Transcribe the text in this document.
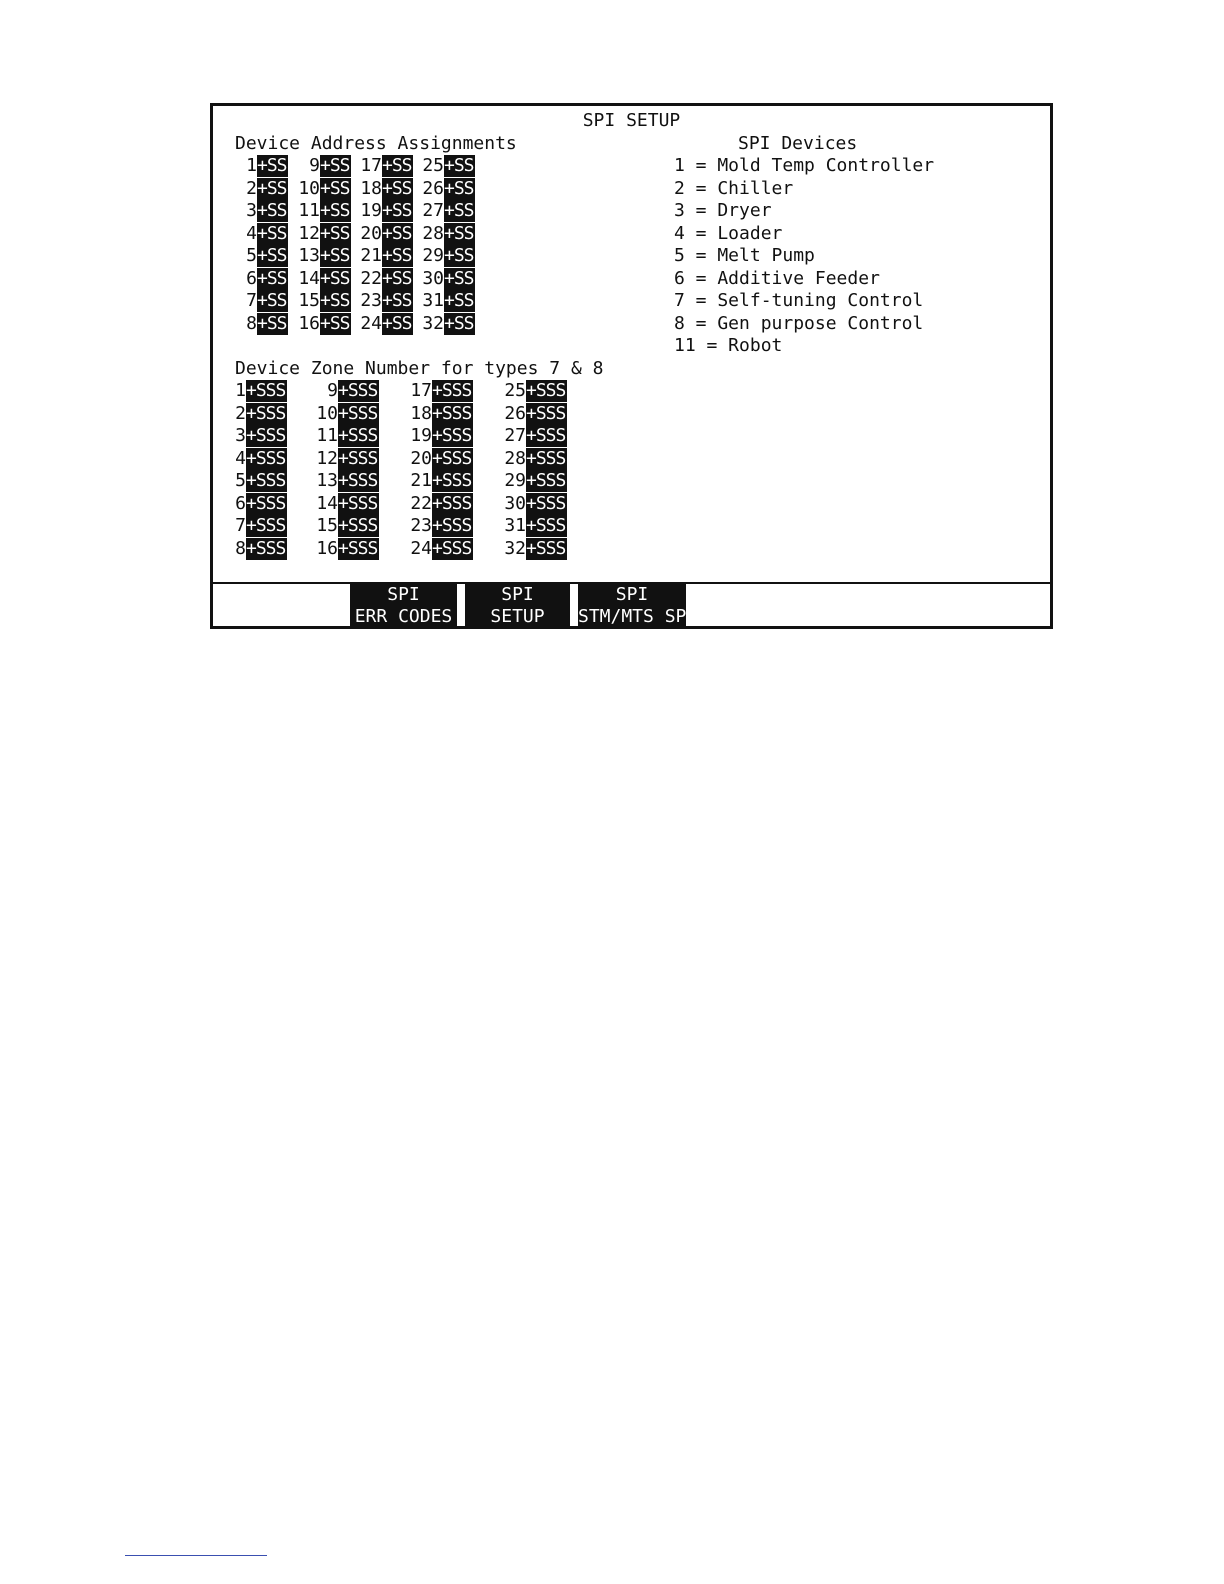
SPI SETUP
Device Address Assignments
1+SS
2+SS
3+SS
4+SS
5+SS
6+SS
7+SS
8+SS
9+SS
10+SS
11+SS
12+SS
13+SS
14+SS
15+SS
16+SS
17+SS
18+SS
19+SS
20+SS
21+SS
22+SS
23+SS
24+SS
25+SS
26+SS
27+SS
28+SS
29+SS
30+SS
31+SS
32+SS
Device Zone Number for types 7 & 8
1+SSS
2+SSS
3+SSS
4+SSS
5+SSS
6+SSS
7+SSS
8+SSS
9+SSS
10+SSS
11+SSS
12+SSS
13+SSS
14+SSS
15+SSS
16+SSS
17+SSS
18+SSS
19+SSS
20+SSS
21+SSS
22+SSS
23+SSS
24+SSS
25+SSS
26+SSS
27+SSS
28+SSS
29+SSS
30+SSS
31+SSS
32+SSS
SPI Devices
1 = Mold Temp Controller
2 = Chiller
3 = Dryer
4 = Loader
5 = Melt Pump
6 = Additive Feeder
7 = Self-tuning Control
8 = Gen purpose Control
11 = Robot
SPI
ERR CODES
SPI
SETUP
SPI
STM/MTS SP
